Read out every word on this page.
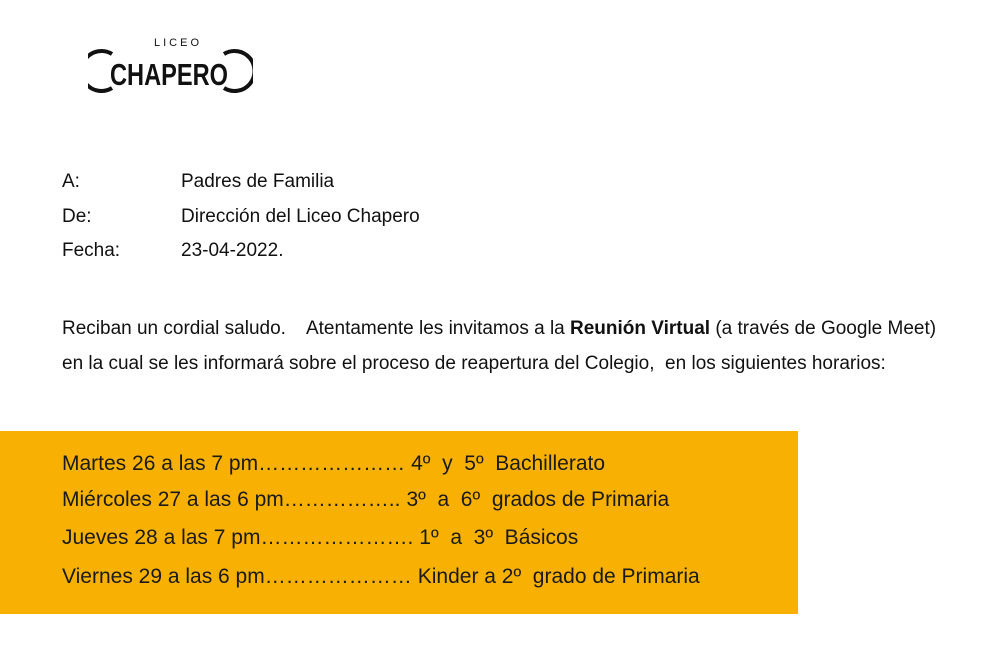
LICEO
CHAPERO
A:	Padres de Familia
De:	Dirección del Liceo Chapero
Fecha:	23-04-2022.
Reciban un cordial saludo.    Atentamente les invitamos a la Reunión Virtual (a través de Google Meet) en la cual se les informará sobre el proceso de reapertura del Colegio,  en los siguientes horarios:
Martes 26 a las 7 pm………………… 4º  y  5º  Bachillerato
Miércoles 27 a las 6 pm…………….. 3º  a  6º  grados de Primaria
Jueves 28 a las 7 pm…………………. 1º  a  3º  Básicos
Viernes 29 a las 6 pm………………… Kinder a 2º  grado de Primaria
